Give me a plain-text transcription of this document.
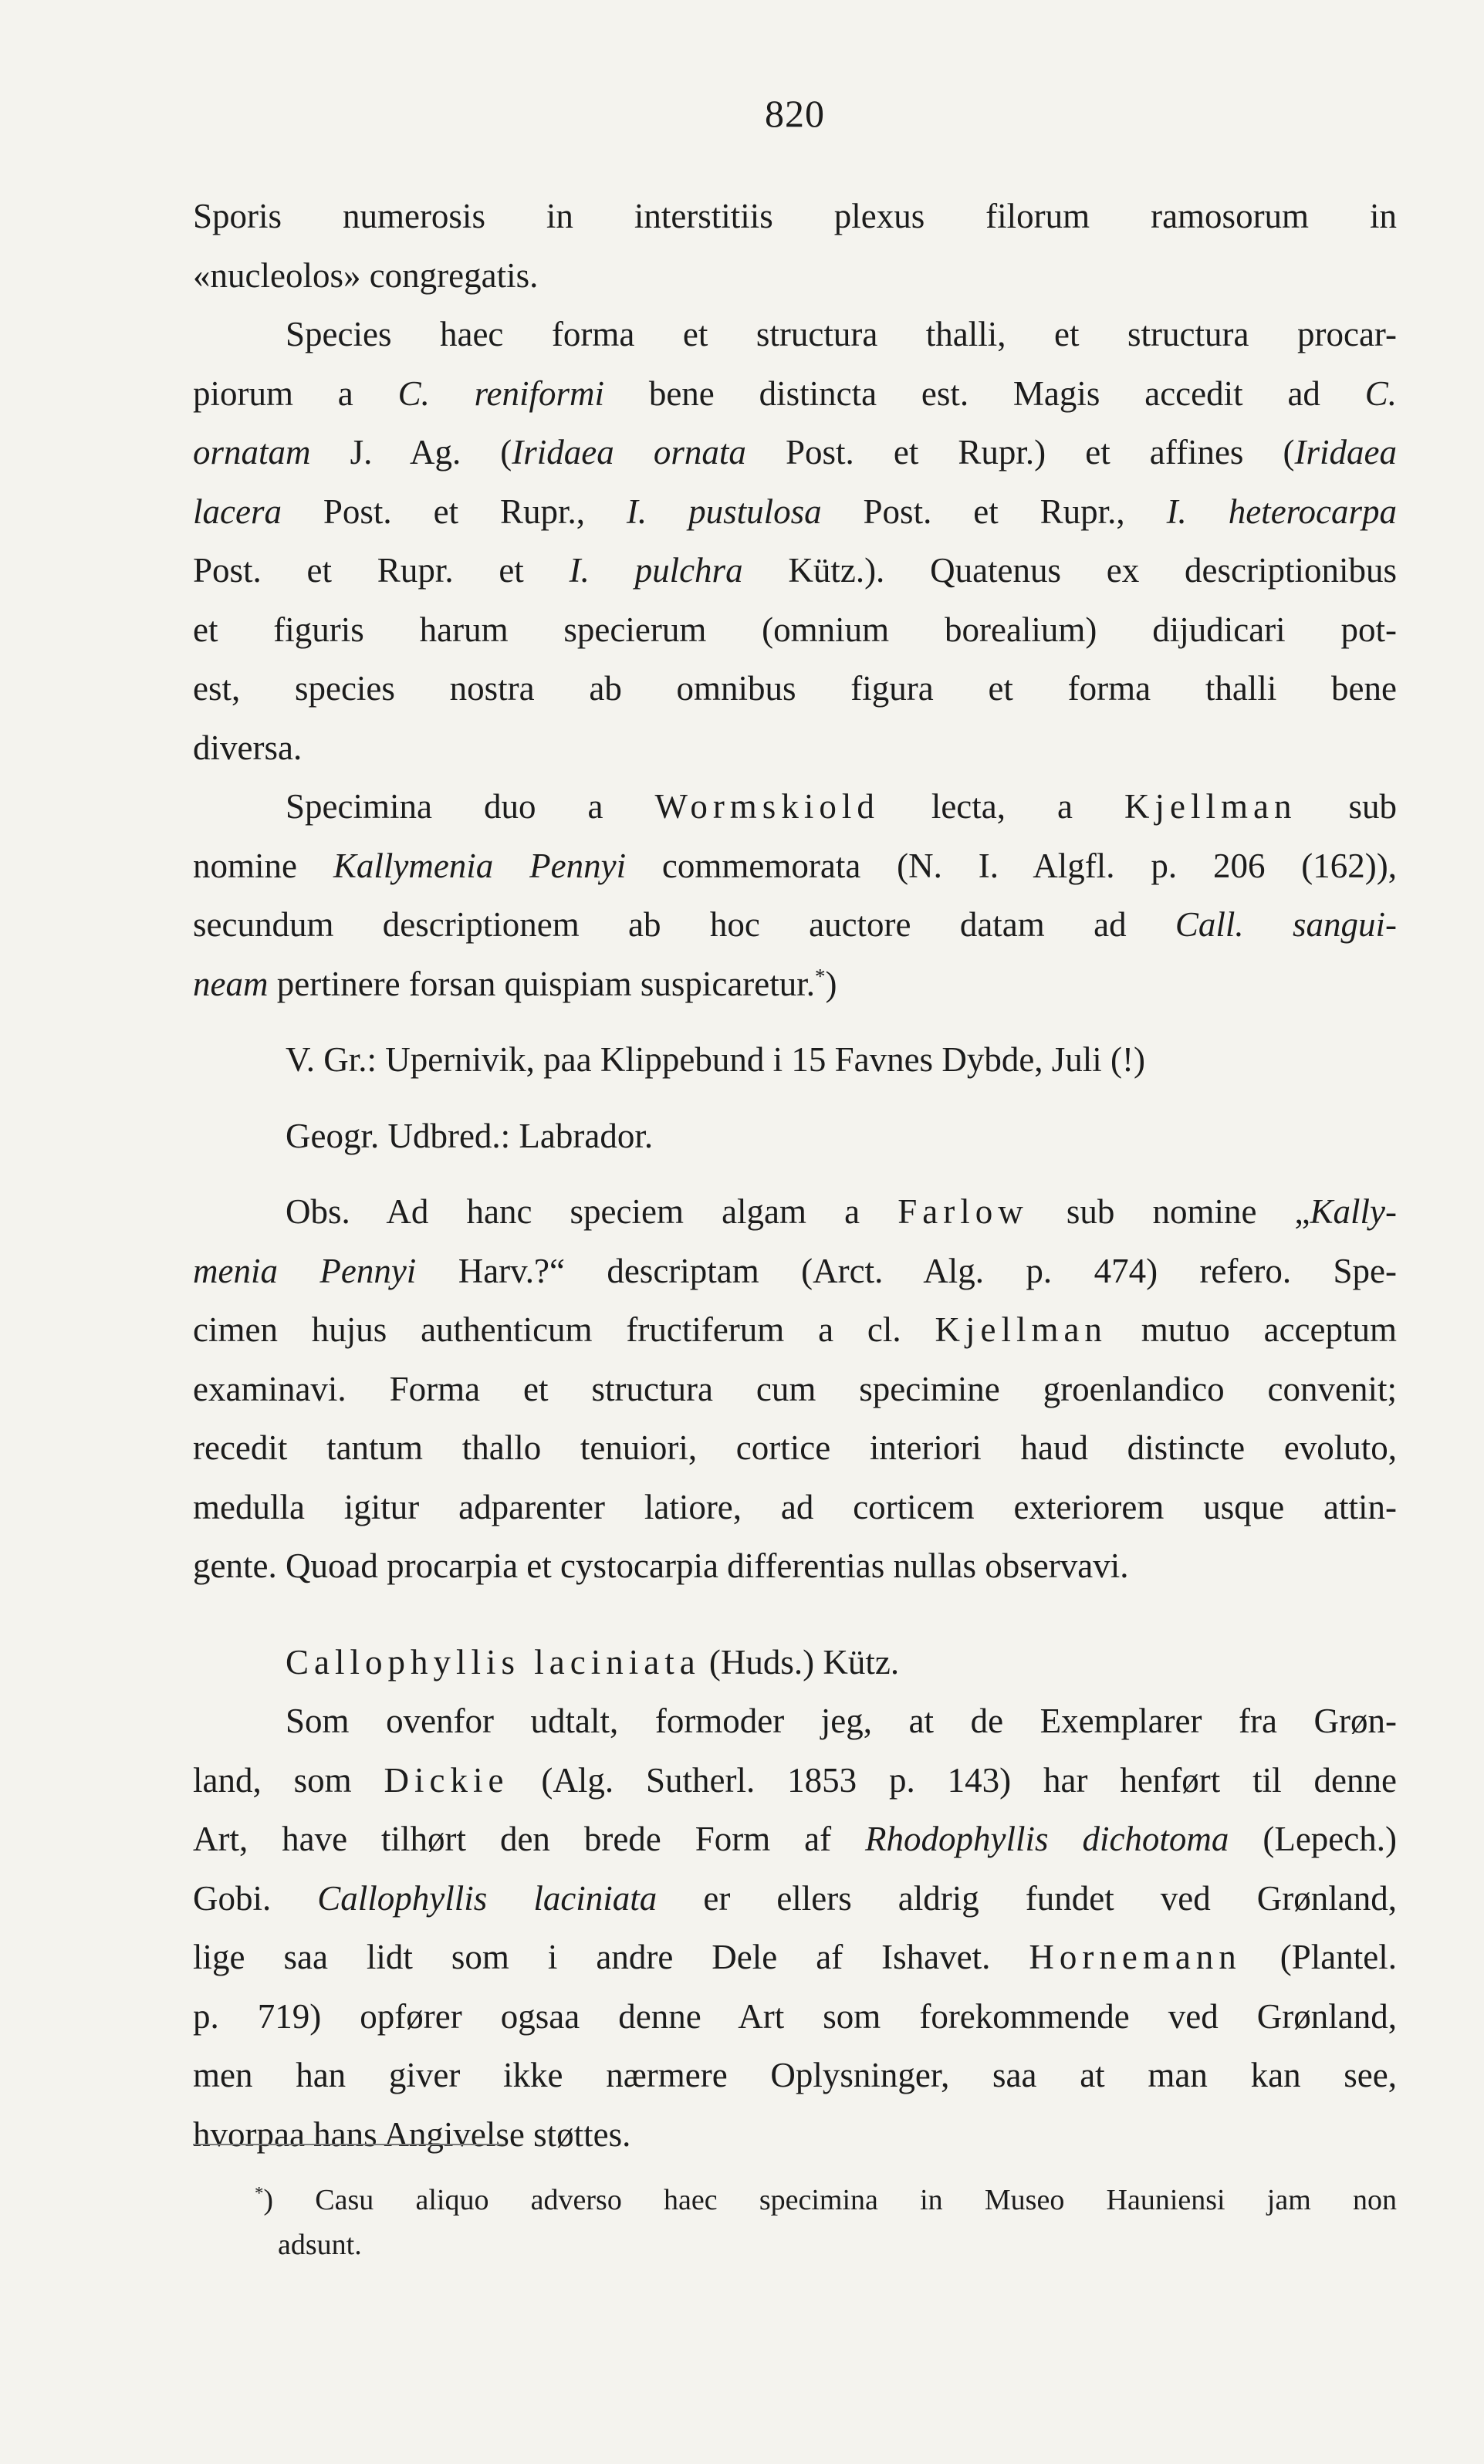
820
Sporis numerosis in interstitiis plexus filorum ramosorum in
«nucleolos» congregatis.
Species haec forma et structura thalli, et structura procar-
piorum a C. reniformi bene distincta est. Magis accedit ad C.
ornatam J. Ag. (Iridaea ornata Post. et Rupr.) et affines (Iridaea
lacera Post. et Rupr., I. pustulosa Post. et Rupr., I. heterocarpa
Post. et Rupr. et I. pulchra Kütz.). Quatenus ex descriptionibus
et figuris harum specierum (omnium borealium) dijudicari pot-
est, species nostra ab omnibus figura et forma thalli bene
diversa.
Specimina duo a Wormskiold lecta, a Kjellman sub
nomine Kallymenia Pennyi commemorata (N. I. Algfl. p. 206 (162)),
secundum descriptionem ab hoc auctore datam ad Call. sangui-
neam pertinere forsan quispiam suspicaretur.*)
V. Gr.: Upernivik, paa Klippebund i 15 Favnes Dybde, Juli (!)
Geogr. Udbred.: Labrador.
Obs. Ad hanc speciem algam a Farlow sub nomine „Kally-
menia Pennyi Harv.?“ descriptam (Arct. Alg. p. 474) refero. Spe-
cimen hujus authenticum fructiferum a cl. Kjellman mutuo acceptum
examinavi. Forma et structura cum specimine groenlandico convenit;
recedit tantum thallo tenuiori, cortice interiori haud distincte evoluto,
medulla igitur adparenter latiore, ad corticem exteriorem usque attin-
gente. Quoad procarpia et cystocarpia differentias nullas observavi.
Callophyllis laciniata (Huds.) Kütz.
Som ovenfor udtalt, formoder jeg, at de Exemplarer fra Grøn-
land, som Dickie (Alg. Sutherl. 1853 p. 143) har henført til denne
Art, have tilhørt den brede Form af Rhodophyllis dichotoma (Lepech.)
Gobi. Callophyllis laciniata er ellers aldrig fundet ved Grønland,
lige saa lidt som i andre Dele af Ishavet. Hornemann (Plantel.
p. 719) opfører ogsaa denne Art som forekommende ved Grønland,
men han giver ikke nærmere Oplysninger, saa at man kan see,
hvorpaa hans Angivelse støttes.
*) Casu aliquo adverso haec specimina in Museo Hauniensi jam non
adsunt.
